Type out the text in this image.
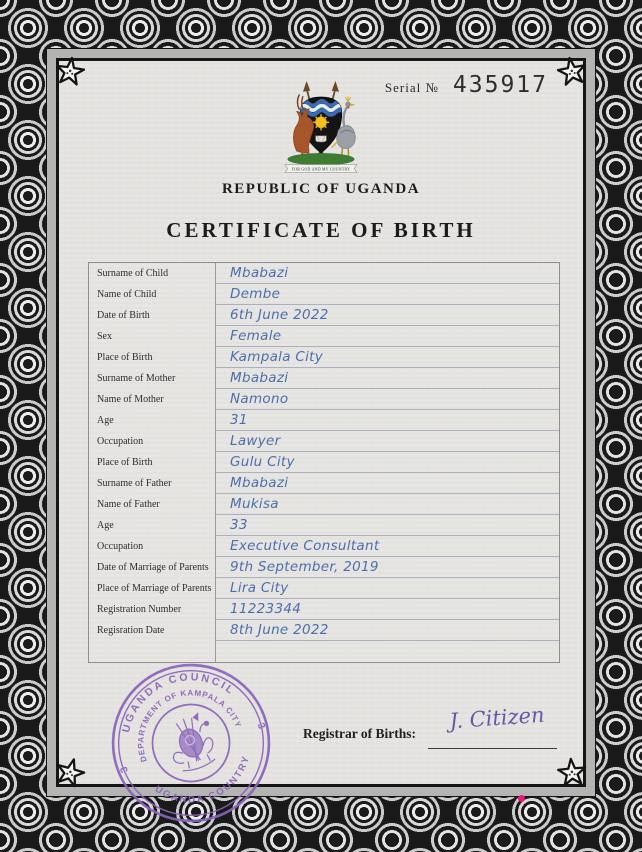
Serial № 435917
FOR GOD AND MY COUNTRY
REPUBLIC OF UGANDA
CERTIFICATE OF BIRTH
Surname of Child	Mbabazi
Name of Child	Dembe
Date of Birth	6th June 2022
Sex	Female
Place of Birth	Kampala City
Surname of Mother	Mbabazi
Name of Mother	Namono
Age	31
Occupation	Lawyer
Place of Birth	Gulu City
Surname of Father	Mbabazi
Name of Father	Mukisa
Age	33
Occupation	Executive Consultant
Date of Marriage of Parents	9th September, 2019
Place of Marriage of Parents	Lira City
Registration Number	11223344
Regisration Date	8th June 2022
UGANDA COUNCIL
DEPARTMENT OF KAMPALA CITY
UGANDA COUNTRY
3
3	Registrar of Births:
J. Citizen
